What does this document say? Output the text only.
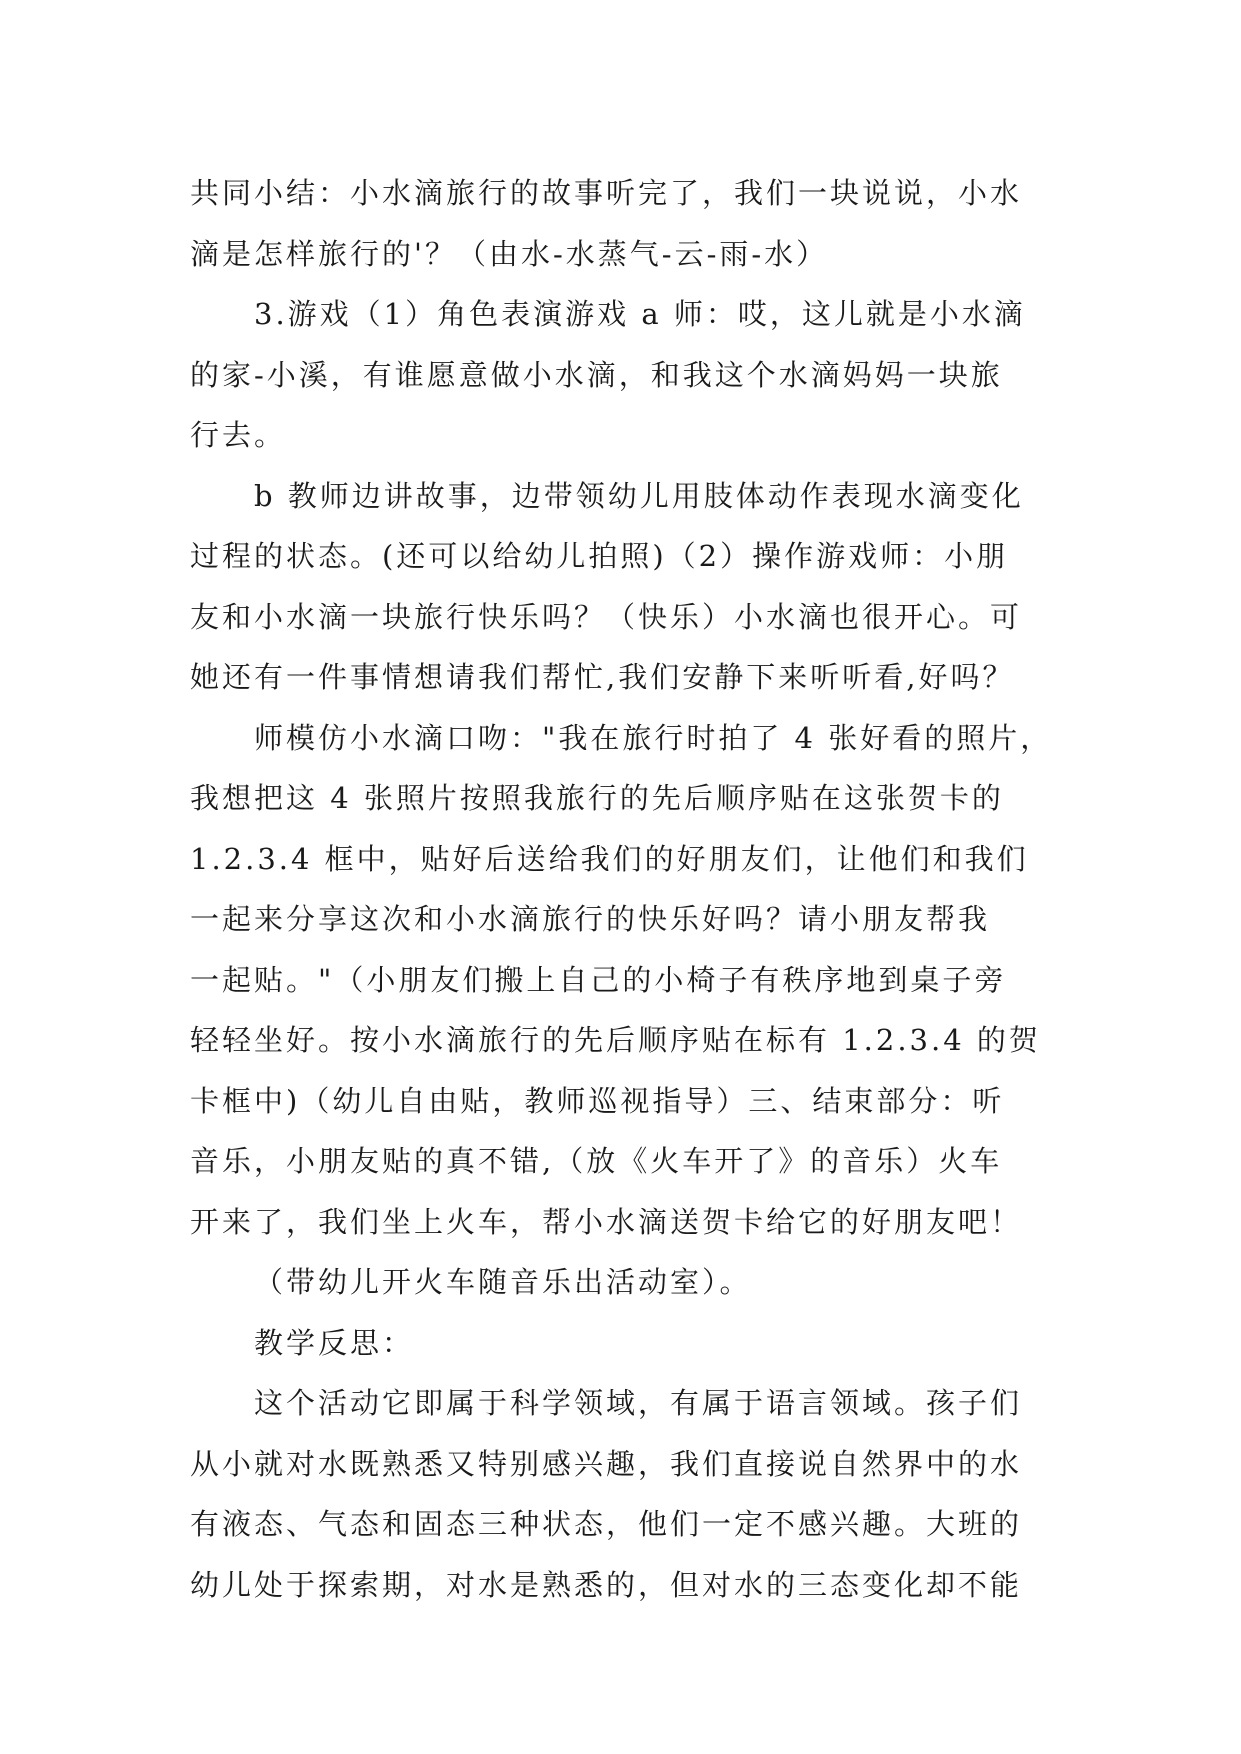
共同小结：小水滴旅行的故事听完了，我们一块说说，小水
滴是怎样旅行的'？（由水-水蒸气-云-雨-水）
3.游戏（1）角色表演游戏 a 师：哎，这儿就是小水滴
的家-小溪，有谁愿意做小水滴，和我这个水滴妈妈一块旅
行去。
b 教师边讲故事，边带领幼儿用肢体动作表现水滴变化
过程的状态。(还可以给幼儿拍照)（2）操作游戏师：小朋
友和小水滴一块旅行快乐吗？（快乐）小水滴也很开心。可
她还有一件事情想请我们帮忙,我们安静下来听听看,好吗？
师模仿小水滴口吻："我在旅行时拍了 4 张好看的照片，
我想把这 4 张照片按照我旅行的先后顺序贴在这张贺卡的
1.2.3.4 框中，贴好后送给我们的好朋友们，让他们和我们
一起来分享这次和小水滴旅行的快乐好吗？请小朋友帮我
一起贴。"（小朋友们搬上自己的小椅子有秩序地到桌子旁
轻轻坐好。按小水滴旅行的先后顺序贴在标有 1.2.3.4 的贺
卡框中)（幼儿自由贴，教师巡视指导）三、结束部分：听
音乐，小朋友贴的真不错,（放《火车开了》的音乐）火车
开来了，我们坐上火车，帮小水滴送贺卡给它的好朋友吧！
（带幼儿开火车随音乐出活动室）。
教学反思：
这个活动它即属于科学领域，有属于语言领域。孩子们
从小就对水既熟悉又特别感兴趣，我们直接说自然界中的水
有液态、气态和固态三种状态，他们一定不感兴趣。大班的
幼儿处于探索期，对水是熟悉的，但对水的三态变化却不能
